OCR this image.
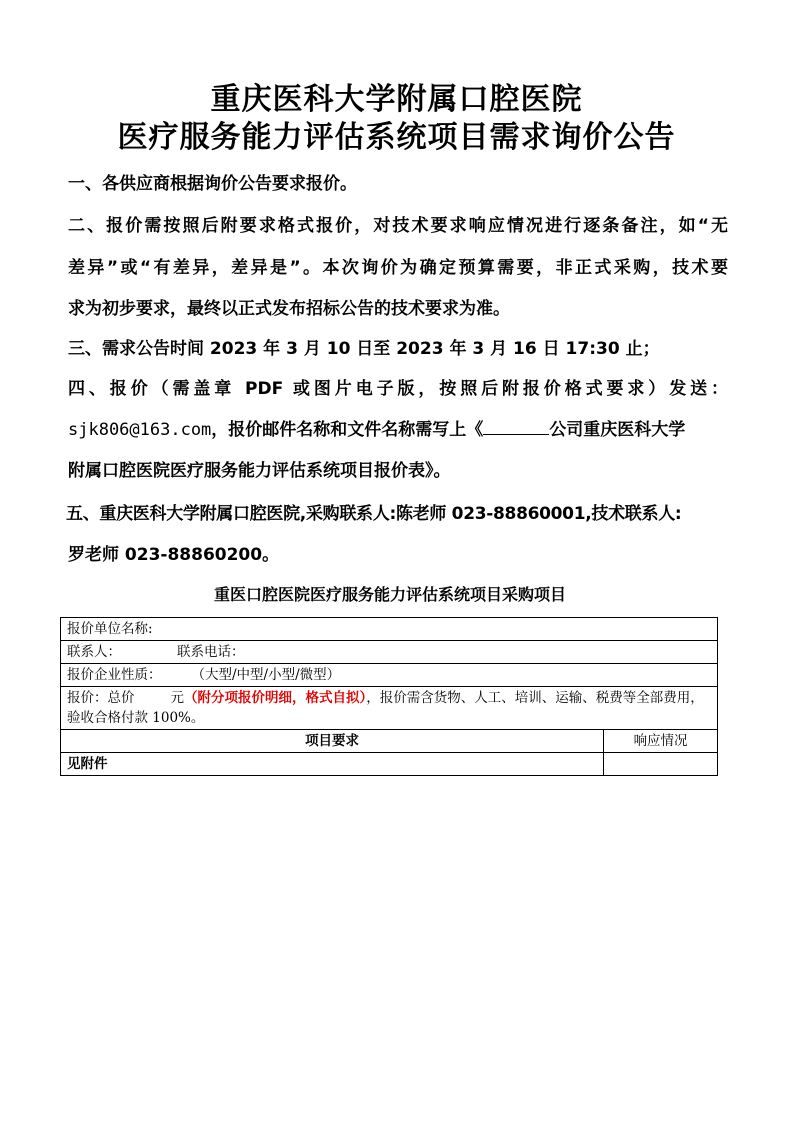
重庆医科大学附属口腔医院
医疗服务能力评估系统项目需求询价公告
一、各供应商根据询价公告要求报价。
二、报价需按照后附要求格式报价，对技术要求响应情况进行逐条备注，如“无
差异”或“有差异，差异是”。本次询价为确定预算需要，非正式采购，技术要
求为初步要求，最终以正式发布招标公告的技术要求为准。
三、需求公告时间 2023 年 3 月 10 日至 2023 年 3 月 16 日 17:30 止；
四、报价（需盖章 PDF 或图片电子版，按照后附报价格式要求）发送：
sjk806@163.com，报价邮件名称和文件名称需写上《	公司重庆医科大学
附属口腔医院医疗服务能力评估系统项目报价表》。
五、重庆医科大学附属口腔医院,采购联系人:陈老师 023-88860001,技术联系人:
罗老师 023-88860200。
重医口腔医院医疗服务能力评估系统项目采购项目
报价单位名称:	
联系人： 联系电话：	
报价企业性质： （大型/中型/小型/微型）	
报价：总价 元（附分项报价明细，格式自拟），报价需含货物、人工、培训、运输、税费等全部费用，验收合格付款 100%。	
项目要求	响应情况
见附件	
